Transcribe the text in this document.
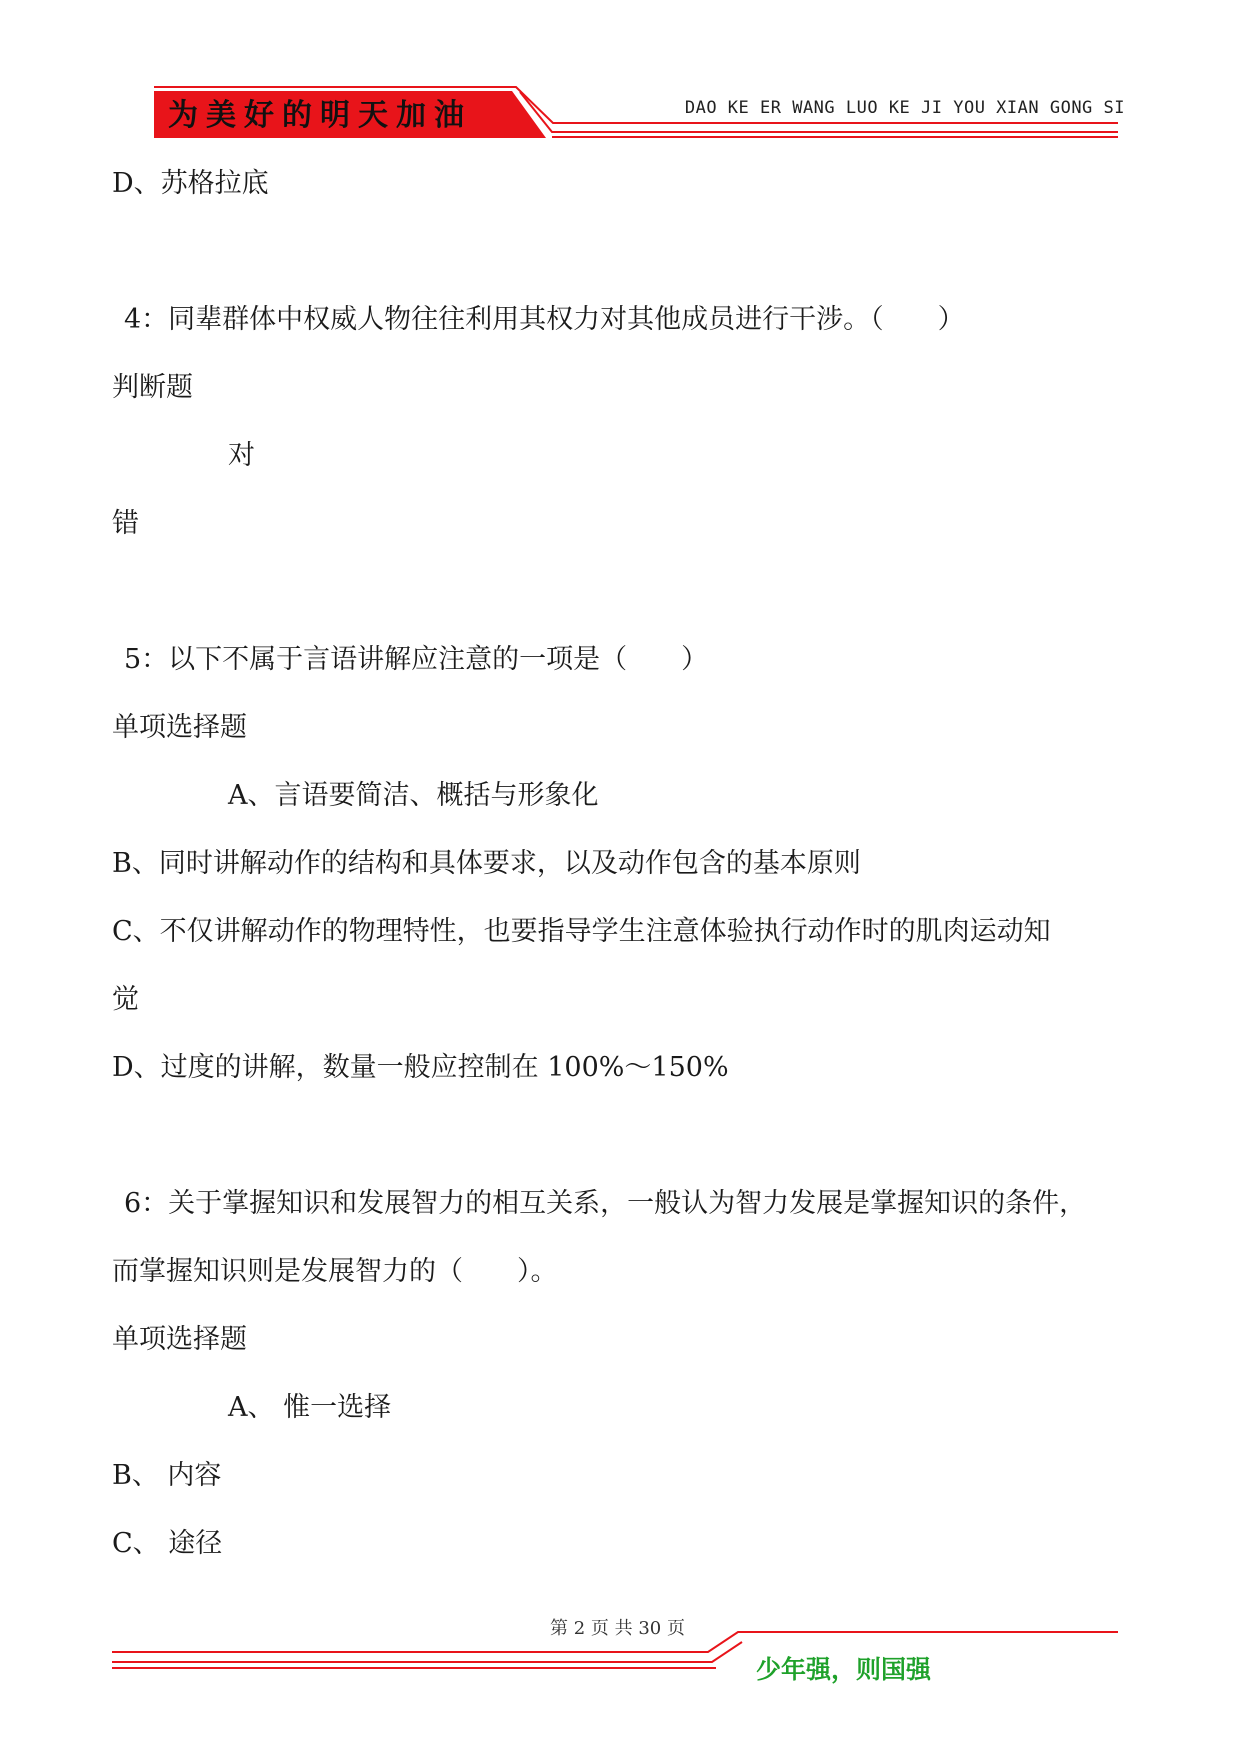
为美好的明天加油	DAO KE ER WANG LUO KE JI YOU XIAN GONG SI
D、苏格拉底
4：同辈群体中权威人物往往利用其权力对其他成员进行干涉。（　　）
判断题
对
错
5：以下不属于言语讲解应注意的一项是（　　）
单项选择题
A、言语要简洁、概括与形象化
B、同时讲解动作的结构和具体要求，以及动作包含的基本原则
C、不仅讲解动作的物理特性，也要指导学生注意体验执行动作时的肌肉运动知
觉
D、过度的讲解，数量一般应控制在 100%～150%
6：关于掌握知识和发展智力的相互关系，一般认为智力发展是掌握知识的条件，
而掌握知识则是发展智力的（　　）。
单项选择题
A、 惟一选择
B、 内容
C、 途径
第 2 页 共 30 页
少年强，则国强
